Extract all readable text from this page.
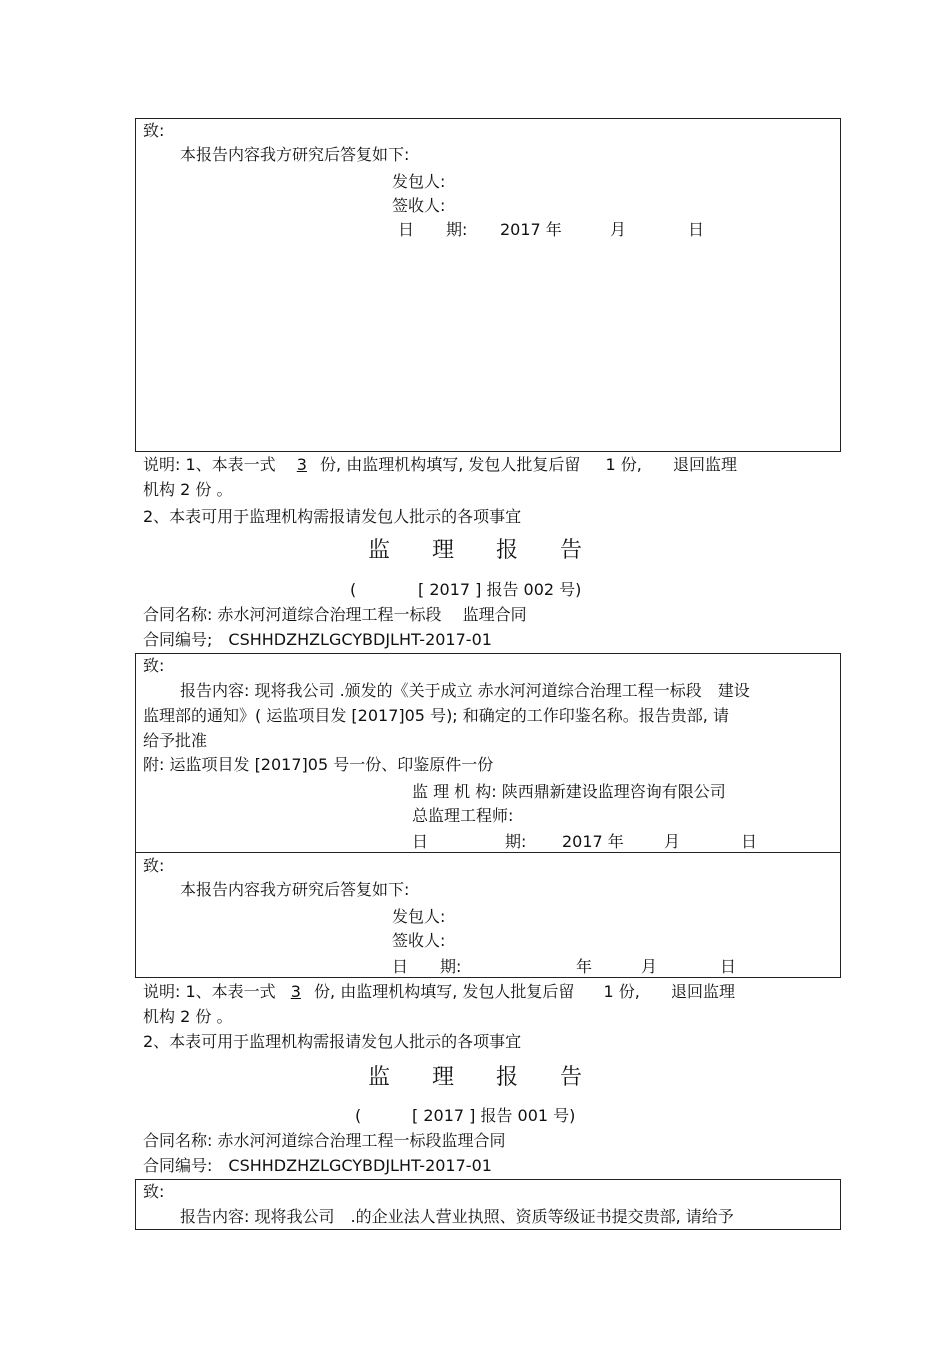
致:
本报告内容我方研究后答复如下:
发包人:
签收人:
日　　期: 2017 年	月	日
说明: 1、本表一式 3 份, 由监理机构填写, 发包人批复后留 1 份, 退回监理
机构 2 份 。
2、本表可用于监理机构需报请发包人批示的各项事宜
监 理 报 告
(	[ 2017 ] 报告 002 号)
合同名称: 赤水河河道综合治理工程一标段　 监理合同
合同编号;　CSHHDZHZLGCYBDJLHT-2017-01
致:
报告内容: 现将我公司 .颁发的《关于成立 赤水河河道综合治理工程一标段　建设
监理部的通知》( 运监项目发 [2017]05 号); 和确定的工作印鉴名称。报告贵部, 请
给予批准
附: 运监项目发 [2017]05 号一份、印鉴原件一份
监 理 机 构: 陕西鼎新建设监理咨询有限公司
总监理工程师:
日	期: 2017 年	月	日
致:
本报告内容我方研究后答复如下:
发包人:
签收人:
日　　期:	年	月	日
说明: 1、本表一式 3 份, 由监理机构填写, 发包人批复后留 1 份, 退回监理
机构 2 份 。
2、本表可用于监理机构需报请发包人批示的各项事宜
监 理 报 告
(	[ 2017 ] 报告 001 号)
合同名称: 赤水河河道综合治理工程一标段监理合同
合同编号:　CSHHDZHZLGCYBDJLHT-2017-01
致:
报告内容: 现将我公司　.的企业法人营业执照、资质等级证书提交贵部, 请给予
